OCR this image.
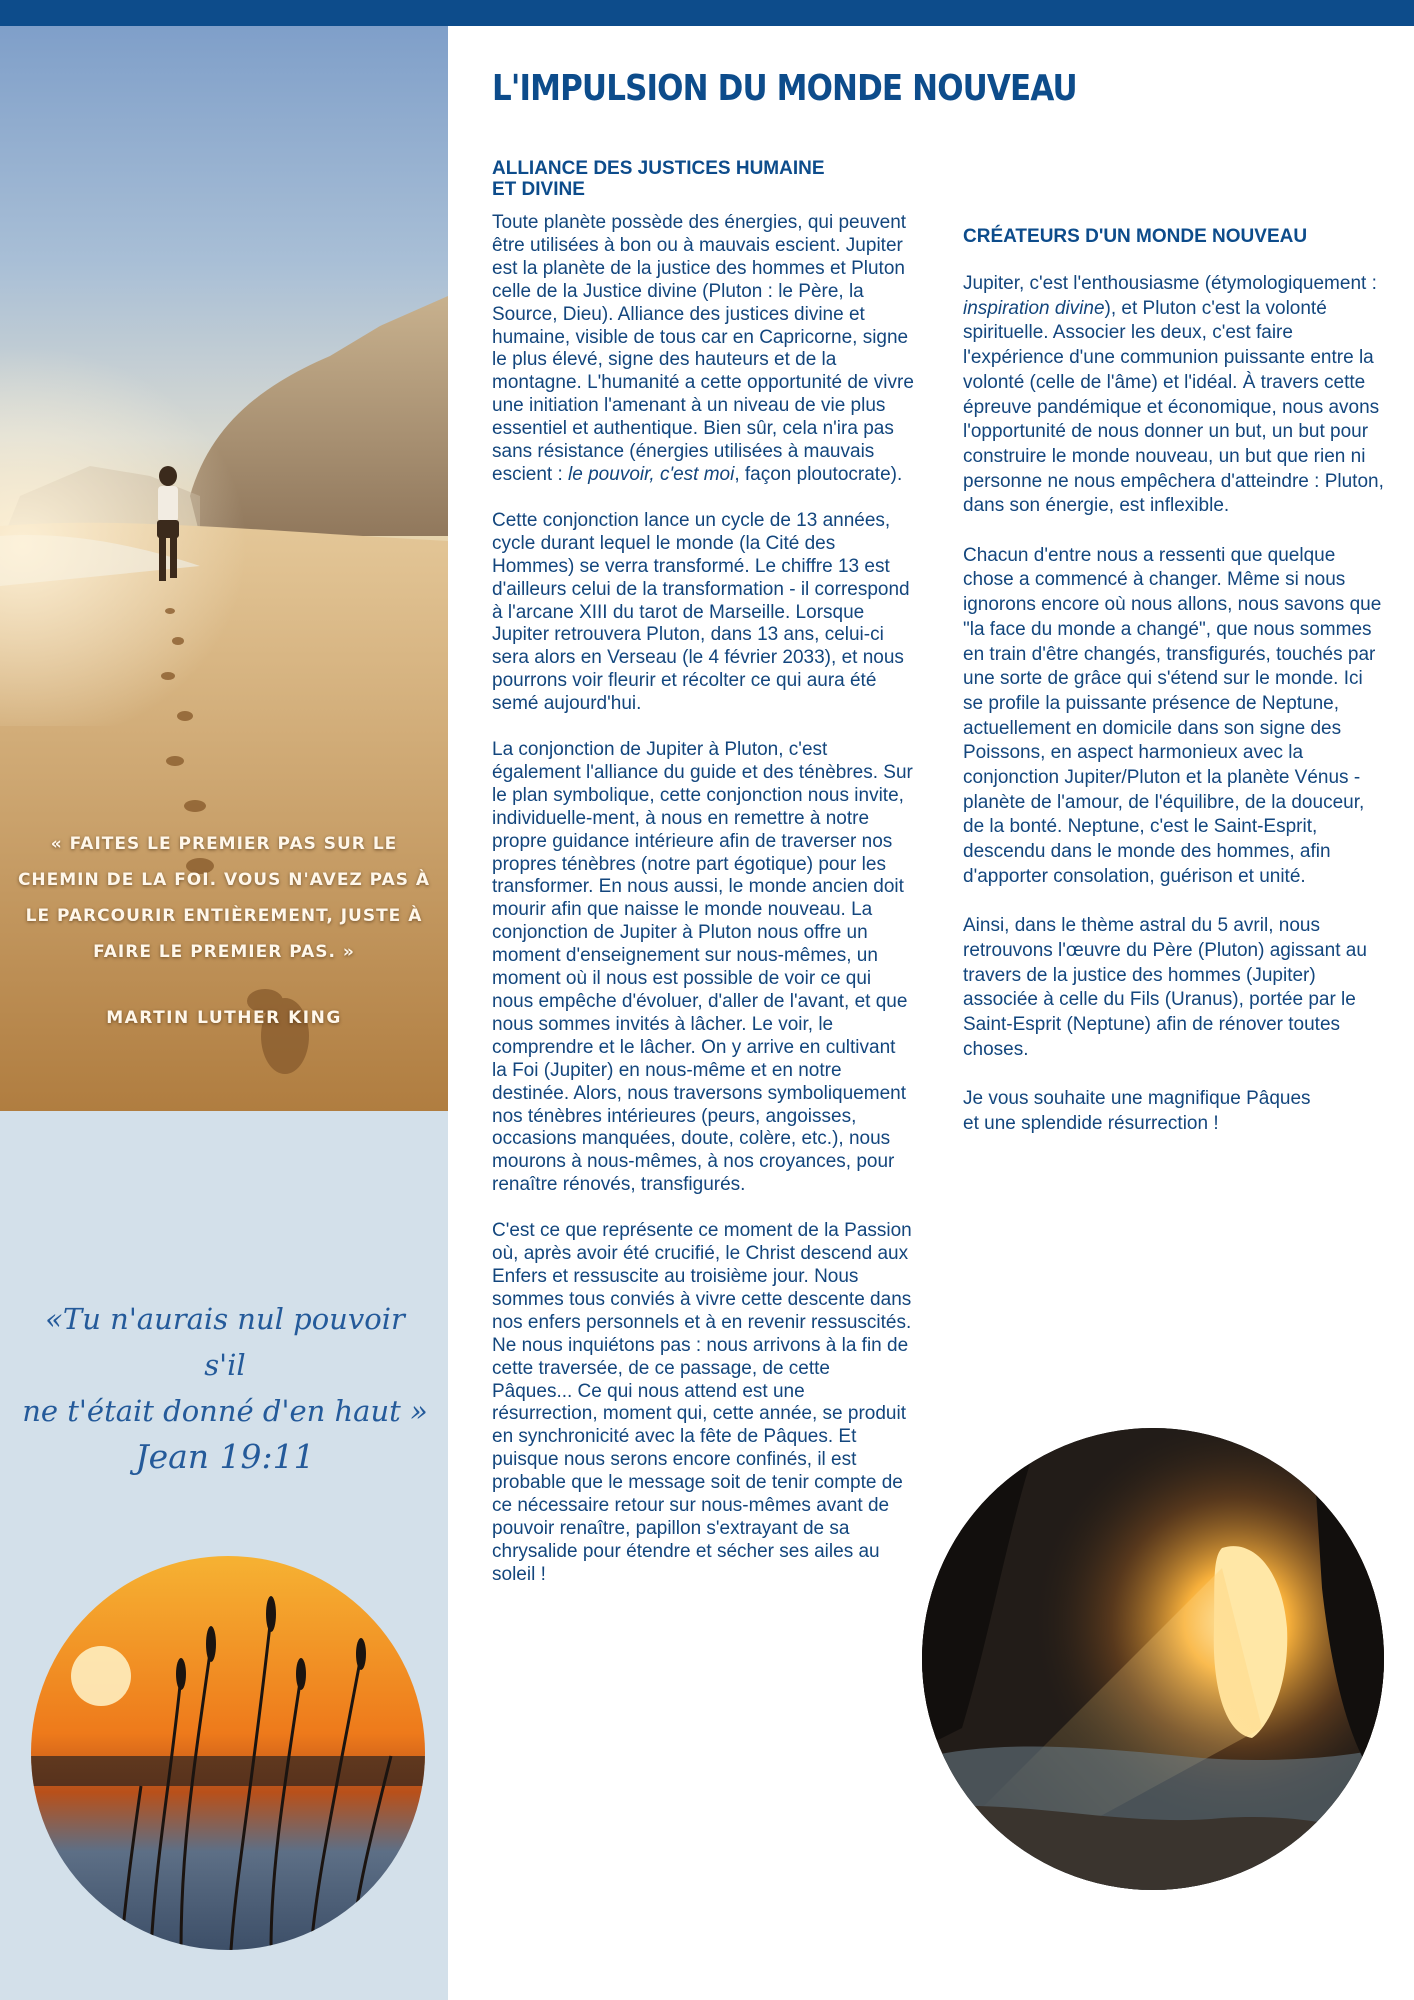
« FAITES LE PREMIER PAS SUR LE
CHEMIN DE LA FOI. VOUS N'AVEZ PAS À
LE PARCOURIR ENTIÈREMENT, JUSTE À
FAIRE LE PREMIER PAS. »
MARTIN LUTHER KING
«Tu n'aurais nul pouvoir s'il
ne t'était donné d'en haut »
Jean 19:11
L'IMPULSION DU MONDE NOUVEAU
ALLIANCE DES JUSTICES HUMAINE
ET DIVINE

Toute planète possède des énergies, qui peuvent être utilisées à bon ou à mauvais escient. Jupiter est la planète de la justice des hommes et Pluton celle de la Justice divine (Pluton : le Père, la Source, Dieu). Alliance des justices divine et humaine, visible de tous car en Capricorne, signe le plus élevé, signe des hauteurs et de la montagne. L'humanité a cette opportunité de vivre une initiation l'amenant à un niveau de vie plus essentiel et authentique. Bien sûr, cela n'ira pas sans résistance (énergies utilisées à mauvais escient : le pouvoir, c'est moi, façon ploutocrate).

Cette conjonction lance un cycle de 13 années, cycle durant lequel le monde (la Cité des Hommes) se verra transformé. Le chiffre 13 est d'ailleurs celui de la transformation - il correspond à l'arcane XIII du tarot de Marseille. Lorsque Jupiter retrouvera Pluton, dans 13 ans, celui-ci sera alors en Verseau (le 4 février 2033), et nous pourrons voir fleurir et récolter ce qui aura été semé aujourd'hui.

La conjonction de Jupiter à Pluton, c'est également l'alliance du guide et des ténèbres. Sur le plan symbolique, cette conjonction nous invite, individuelle-ment, à nous en remettre à notre propre guidance intérieure afin de traverser nos propres ténèbres (notre part égotique) pour les transformer. En nous aussi, le monde ancien doit mourir afin que naisse le monde nouveau. La conjonction de Jupiter à Pluton nous offre un moment d'enseignement sur nous-mêmes, un moment où il nous est possible de voir ce qui nous empêche d'évoluer, d'aller de l'avant, et que nous sommes invités à lâcher. Le voir, le comprendre et le lâcher. On y arrive en cultivant la Foi (Jupiter) en nous-même et en notre destinée. Alors, nous traversons symboliquement nos ténèbres intérieures (peurs, angoisses, occasions manquées, doute, colère, etc.), nous mourons à nous-mêmes, à nos croyances, pour renaître rénovés, transfigurés.

C'est ce que représente ce moment de la Passion où, après avoir été crucifié, le Christ descend aux Enfers et ressuscite au troisième jour. Nous sommes tous conviés à vivre cette descente dans nos enfers personnels et à en revenir ressuscités. Ne nous inquiétons pas : nous arrivons à la fin de cette traversée, de ce passage, de cette Pâques... Ce qui nous attend est une résurrection, moment qui, cette année, se produit en synchronicité avec la fête de Pâques. Et puisque nous serons encore confinés, il est probable que le message soit de tenir compte de ce nécessaire retour sur nous-mêmes avant de pouvoir renaître, papillon s'extrayant de sa chrysalide pour étendre et sécher ses ailes au soleil !

CRÉATEURS D'UN MONDE NOUVEAU

Jupiter, c'est l'enthousiasme (étymologiquement : inspiration divine), et Pluton c'est la volonté spirituelle. Associer les deux, c'est faire l'expérience d'une communion puissante entre la volonté (celle de l'âme) et l'idéal. À travers cette épreuve pandémique et économique, nous avons l'opportunité de nous donner un but, un but pour construire le monde nouveau, un but que rien ni personne ne nous empêchera d'atteindre : Pluton, dans son énergie, est inflexible.

Chacun d'entre nous a ressenti que quelque chose a commencé à changer. Même si nous ignorons encore où nous allons, nous savons que "la face du monde a changé", que nous sommes en train d'être changés, transfigurés, touchés par une sorte de grâce qui s'étend sur le monde. Ici se profile la puissante présence de Neptune, actuellement en domicile dans son signe des Poissons, en aspect harmonieux avec la conjonction Jupiter/Pluton et la planète Vénus - planète de l'amour, de l'équilibre, de la douceur, de la bonté. Neptune, c'est le Saint-Esprit, descendu dans le monde des hommes, afin d'apporter consolation, guérison et unité.

Ainsi, dans le thème astral du 5 avril, nous retrouvons l'œuvre du Père (Pluton) agissant au travers de la justice des hommes (Jupiter) associée à celle du Fils (Uranus), portée par le Saint-Esprit (Neptune) afin de rénover toutes choses.

Je vous souhaite une magnifique Pâques

et une splendide résurrection !
